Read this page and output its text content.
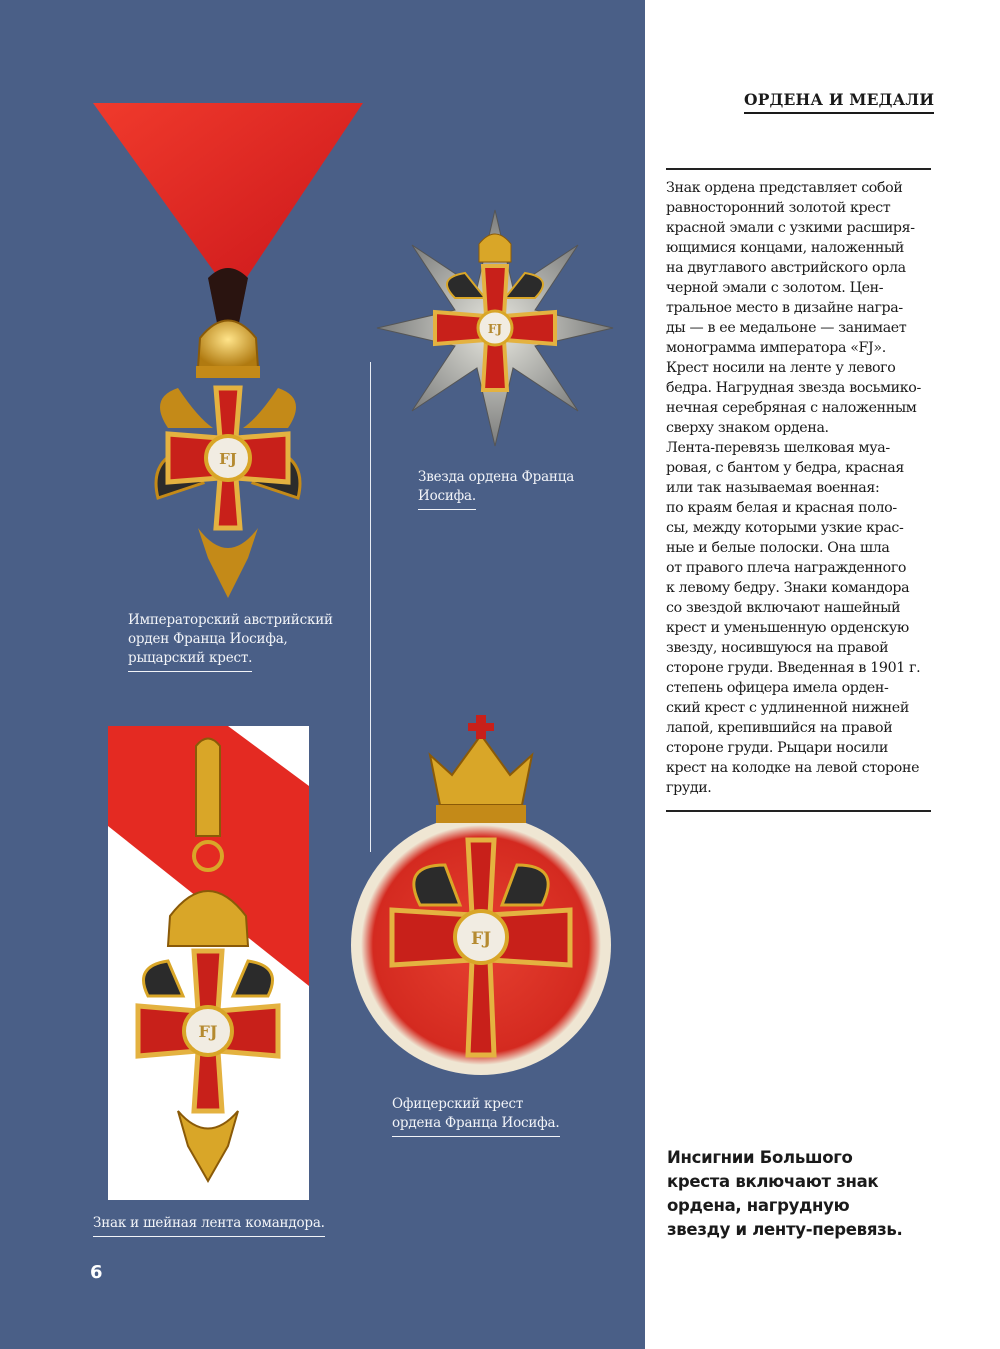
FJ
FJ
FJ
FJ
Императорский австрийский
орден Франца Иосифа,
рыцарский крест.
Звезда ордена Франца
Иосифа.
Знак и шейная лента командора.
Офицерский крест
ордена Франца Иосифа.
6
ОРДЕНА И МЕДАЛИ
Знак ордена представляет собой
равносторонний золотой крест
красной эмали с узкими расширя-
ющимися концами, наложенный
на двуглавого австрийского орла
черной эмали с золотом. Цен-
тральное место в дизайне награ-
ды — в ее медальоне — занимает
монограмма императора «FJ».
Крест носили на ленте у левого
бедра. Нагрудная звезда восьмико-
нечная серебряная с наложенным
сверху знаком ордена.
Лента-перевязь шелковая муа-
ровая, с бантом у бедра, красная
или так называемая военная:
по краям белая и красная поло-
сы, между которыми узкие крас-
ные и белые полоски. Она шла
от правого плеча награжденного
к левому бедру. Знаки командора
со звездой включают нашейный
крест и уменьшенную орденскую
звезду, носившуюся на правой
стороне груди. Введенная в 1901 г.
степень офицера имела орден-
ский крест с удлиненной нижней
лапой, крепившийся на правой
стороне груди. Рыцари носили
крест на колодке на левой стороне
груди.
Инсигнии Большого
креста включают знак
ордена, нагрудную
звезду и ленту-перевязь.
